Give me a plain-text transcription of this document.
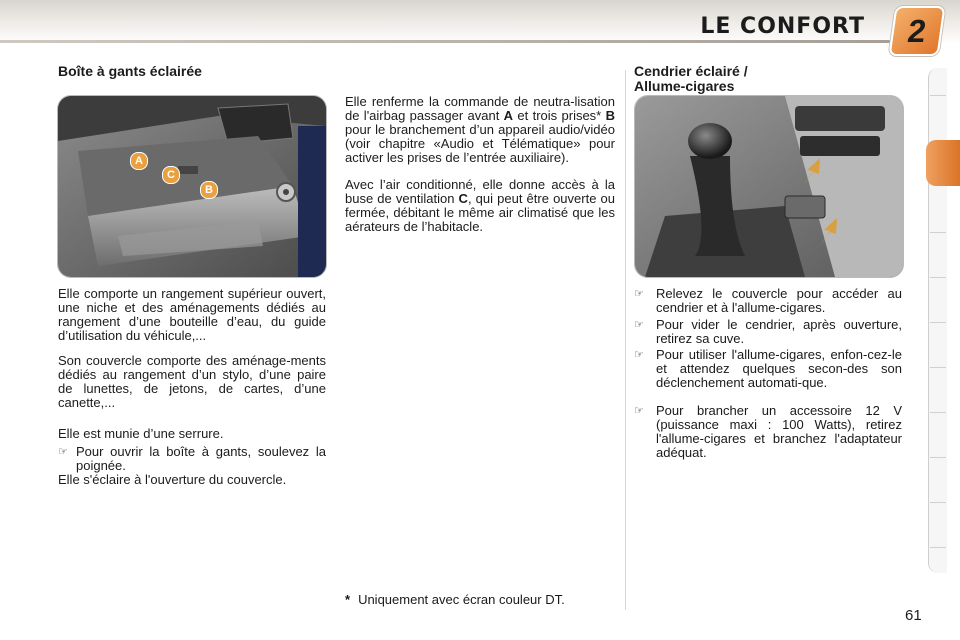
LE CONFORT	2
Boîte à gants éclairée
A
C
B

Elle comporte un rangement supérieur ouvert, une niche et des aménagements dédiés au rangement d’une bouteille d’eau, du guide d’utilisation du véhicule,...

Son couvercle comporte des aménage-ments dédiés au rangement d’un stylo, d’une paire de lunettes, de jetons, de cartes, d’une canette,...

Elle est munie d’une serrure.

☞ Pour ouvrir la boîte à gants, soulevez la poignée.

Elle s'éclaire à l'ouverture du couvercle.

Elle renferme la commande de neutra-lisation de l'airbag passager avant A et trois prises* B pour le branchement d’un appareil audio/vidéo (voir chapitre «Audio et Télématique» pour activer les prises de l’entrée auxiliaire).

Avec l’air conditionné, elle donne accès à la buse de ventilation C, qui peut être ouverte ou fermée, débitant le même air climatisé que les aérateurs de l’habitacle.

* Uniquement avec écran couleur DT.
Cendrier éclairé /
Allume-cigares
☞ Relevez le couvercle pour accéder au cendrier et à l'allume-cigares.
☞ Pour vider le cendrier, après ouverture, retirez sa cuve.
☞ Pour utiliser l'allume-cigares, enfon-cez-le et attendez quelques secon-des son déclenchement automati-que.
☞ Pour brancher un accessoire 12 V (puissance maxi : 100 Watts), retirez l'allume-cigares et branchez l'adaptateur adéquat.
61
